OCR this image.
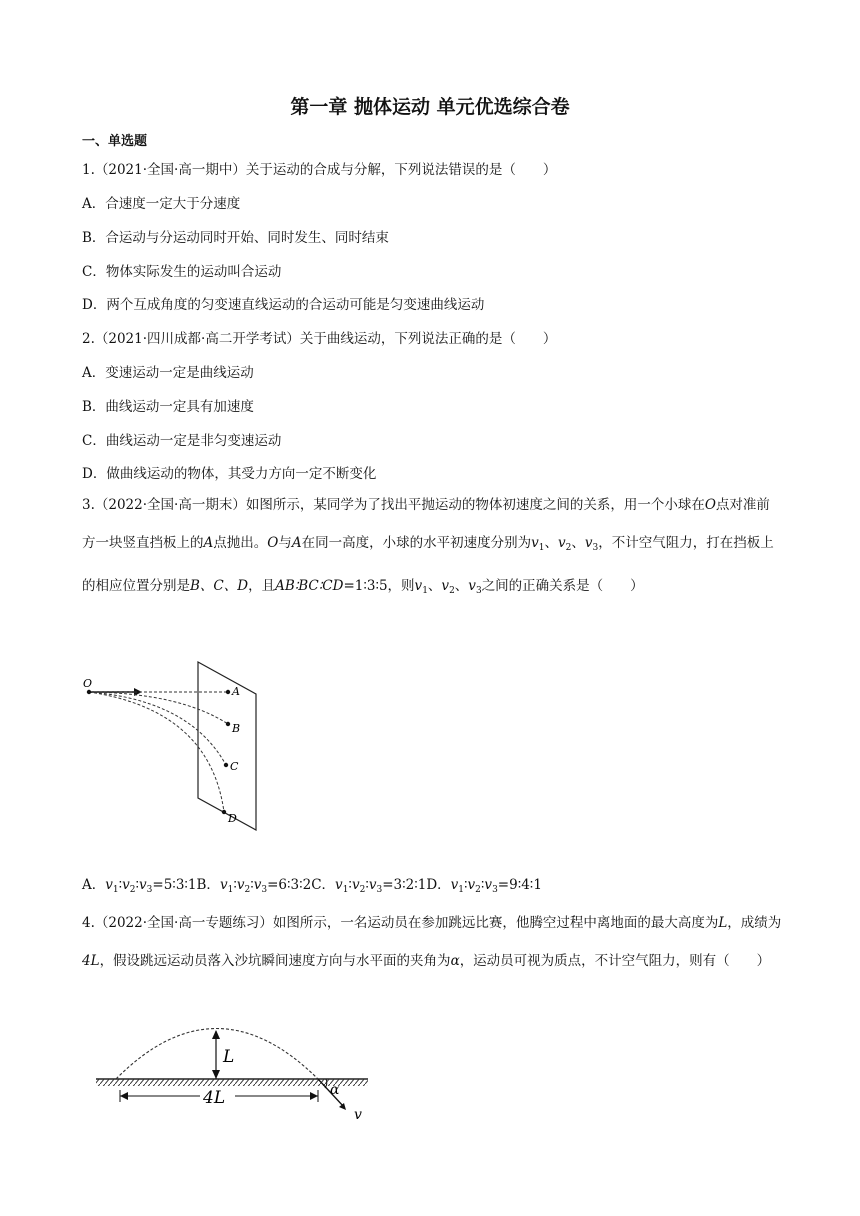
第一章 抛体运动 单元优选综合卷
一、单选题
1.（2021·全国·高一期中）关于运动的合成与分解，下列说法错误的是（　　）
A．合速度一定大于分速度
B．合运动与分运动同时开始、同时发生、同时结束
C．物体实际发生的运动叫合运动
D．两个互成角度的匀变速直线运动的合运动可能是匀变速曲线运动
2.（2021·四川成都·高二开学考试）关于曲线运动，下列说法正确的是（　　）
A．变速运动一定是曲线运动
B．曲线运动一定具有加速度
C．曲线运动一定是非匀变速运动
D．做曲线运动的物体，其受力方向一定不断变化
3.（2022·全国·高一期末）如图所示，某同学为了找出平抛运动的物体初速度之间的关系，用一个小球在O点对准前方一块竖直挡板上的A点抛出。O与A在同一高度，小球的水平初速度分别为$v_1$、$v_2$、$v_3$，不计空气阻力，打在挡板上的相应位置分别是B、C、D，且AB∶BC∶CD=1∶3∶5，则$v_1$、$v_2$、$v_3$之间的正确关系是（　　）
O
A
B
C
D
A．$v_1∶v_2∶v_3=5∶3∶1B$．$v_1∶v_2∶v_3=6∶3∶2C$．$v_1∶v_2∶v_3=3∶2∶1D$．$v_1∶v_2∶v_3=9∶4∶1$
4.（2022·全国·高一专题练习）如图所示，一名运动员在参加跳远比赛，他腾空过程中离地面的最大高度为L，成绩为4L，假设跳远运动员落入沙坑瞬间速度方向与水平面的夹角为α，运动员可视为质点，不计空气阻力，则有（　　）
L
4L	α
v
